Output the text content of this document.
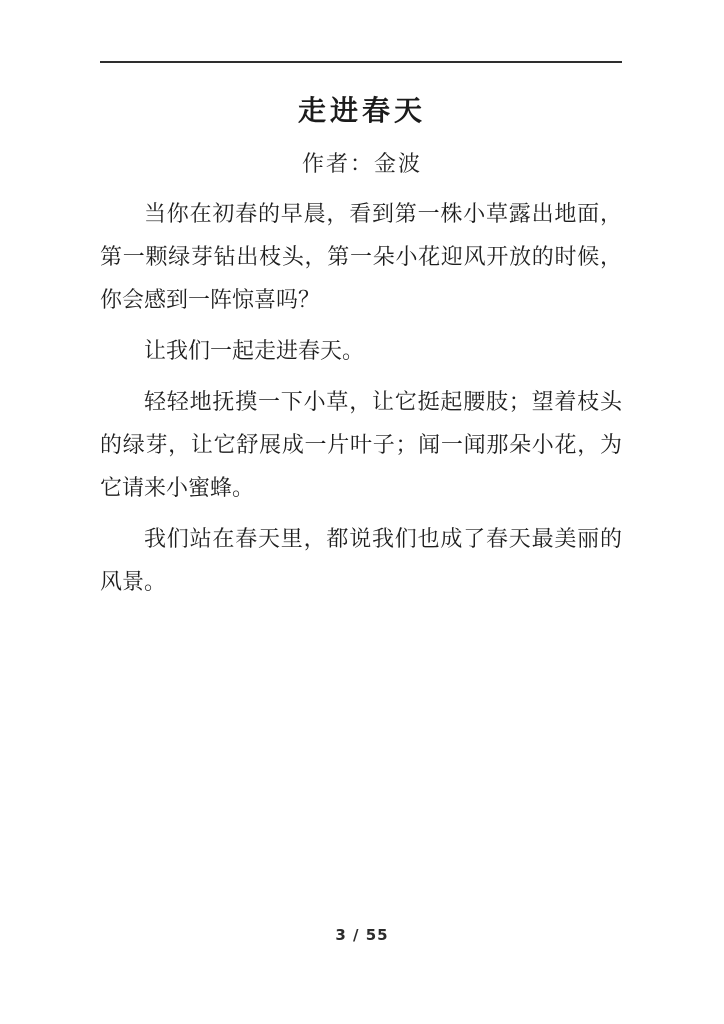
走进春天
作者：金波
当你在初春的早晨，看到第一株小草露出地面，
第一颗绿芽钻出枝头，第一朵小花迎风开放的时候，
你会感到一阵惊喜吗？
让我们一起走进春天。
轻轻地抚摸一下小草，让它挺起腰肢；望着枝头
的绿芽，让它舒展成一片叶子；闻一闻那朵小花，为
它请来小蜜蜂。
我们站在春天里，都说我们也成了春天最美丽的
风景。
3 / 55
